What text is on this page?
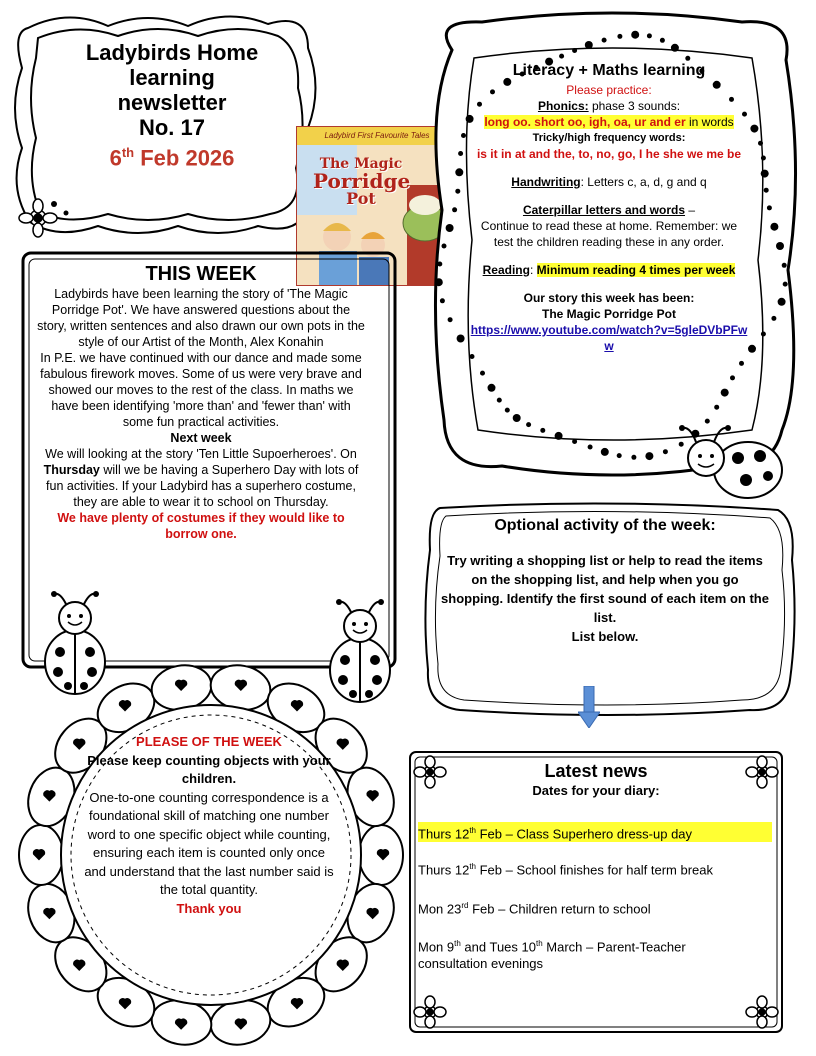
Ladybirds Home
learning
newsletter
No. 17
6th Feb 2026
Ladybird First Favourite Tales
The Magic
Porridge
Pot
THIS WEEK
Ladybirds have been learning the story of 'The Magic Porridge Pot'. We have answered questions about the story, written sentences and also drawn our own pots in the style of our Artist of the Month, Alex Konahin
In P.E. we have continued with our dance and made some fabulous firework moves. Some of us were very brave and showed our moves to the rest of the class. In maths we have been identifying 'more than' and 'fewer than' with some fun practical activities.
Next week
We will looking at the story 'Ten Little Supoerheroes'. On Thursday will we be having a Superhero Day with lots of fun activities. If your Ladybird has a superhero costume, they are able to wear it to school on Thursday.
We have plenty of costumes if they would like to borrow one.
Literacy + Maths learning
Please practice:
Phonics: phase 3 sounds:
long oo. short oo, igh, oa, ur and er in words
Tricky/high frequency words:
is it in at and the, to, no, go, I he she we me be
Handwriting: Letters c, a, d, g and q
Caterpillar letters and words –
Continue to read these at home. Remember: we test the children reading these in any order.
Reading: Minimum reading 4 times per week
Our story this week has been:
The Magic Porridge Pot
https://www.youtube.com/watch?v=5gleDVbPFww
Optional activity of the week:
Try writing a shopping list or help to read the items on the shopping list, and help when you go shopping. Identify the first sound of each item on the list.
List below.
PLEASE OF THE WEEK
Please keep counting objects with your children.
One-to-one counting correspondence is a foundational skill of matching one number word to one specific object while counting, ensuring each item is counted only once and understand that the last number said is the total quantity.
Thank you
Latest news
Dates for your diary:
Thurs 12th Feb – Class Superhero dress-up day
Thurs 12th Feb – School finishes for half term break
Mon 23rd Feb – Children return to school
Mon 9th and Tues 10th March – Parent-Teacher consultation evenings
